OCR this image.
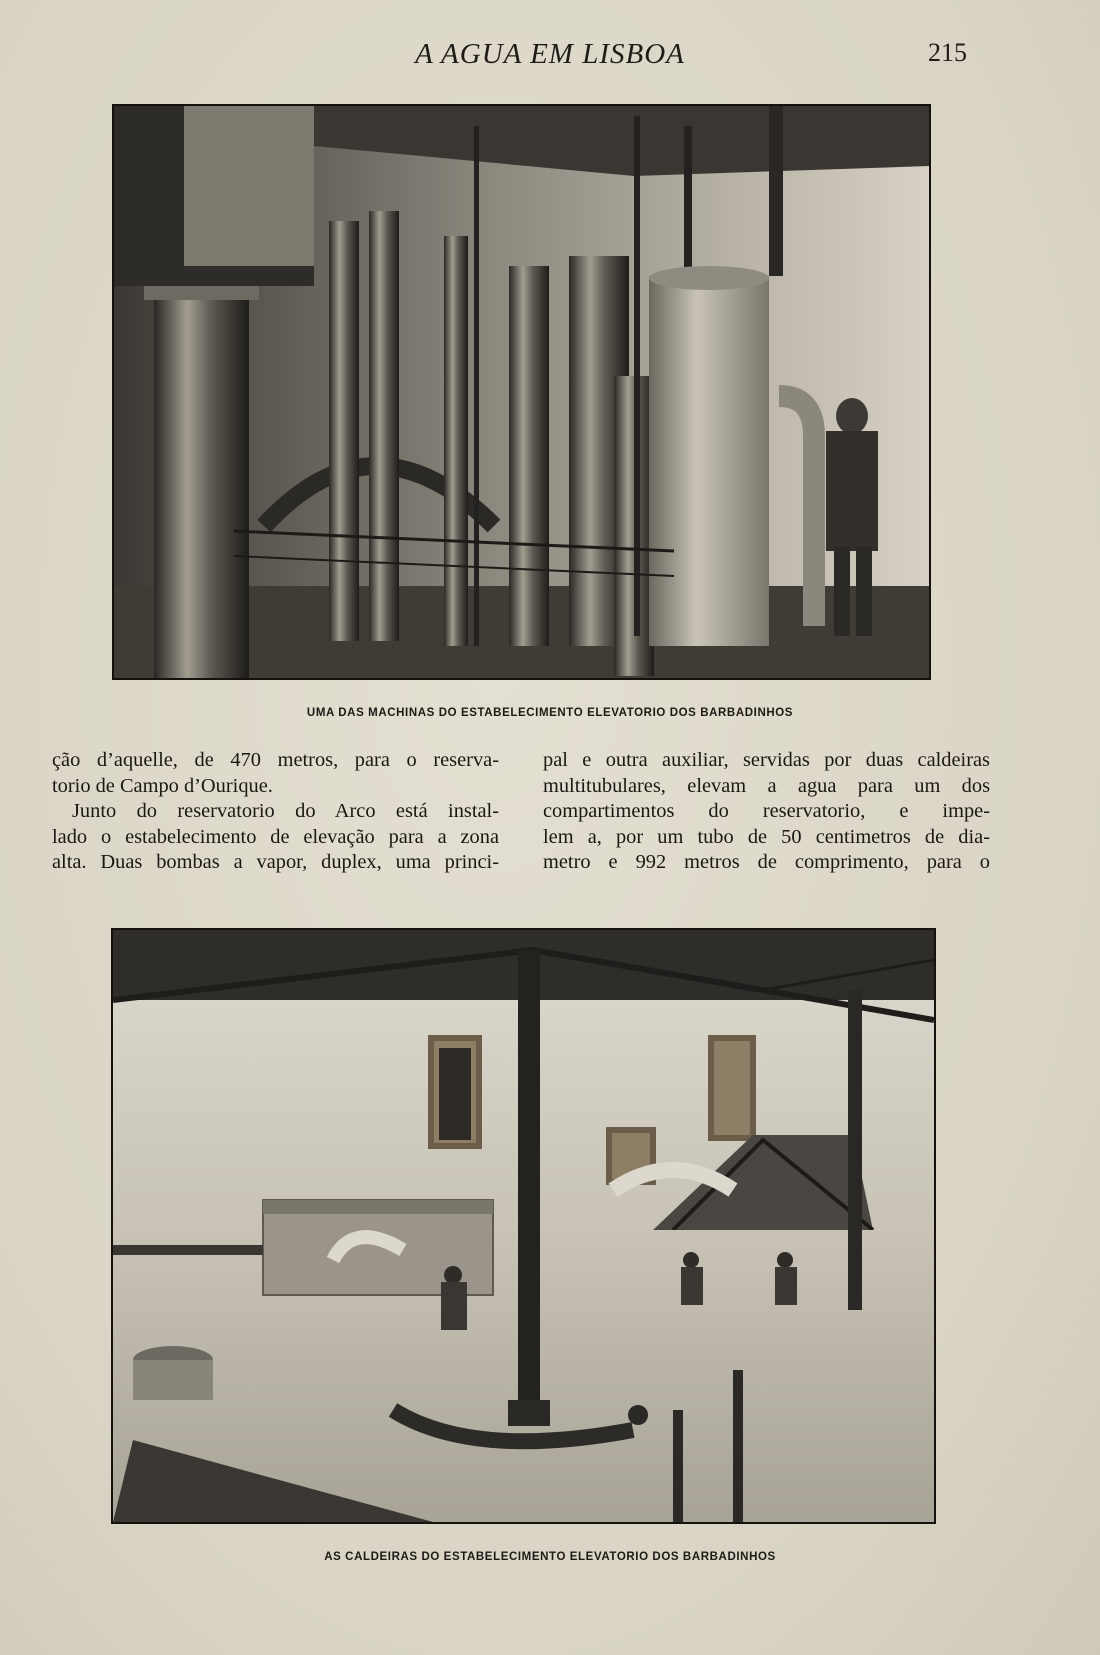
A AGUA EM LISBOA	215
UMA DAS MACHINAS DO ESTABELECIMENTO ELEVATORIO DOS BARBADINHOS

ção d’aquelle, de 470 metros, para o reserva-

torio de Campo d’Ourique.

Junto do reservatorio do Arco está instal-

lado o estabelecimento de elevação para a zona

alta. Duas bombas a vapor, duplex, uma princi-

pal e outra auxiliar, servidas por duas caldeiras

multitubulares, elevam a agua para um dos

compartimentos do reservatorio, e impe-

lem a, por um tubo de 50 centimetros de dia-

metro e 992 metros de comprimento, para o

AS CALDEIRAS DO ESTABELECIMENTO ELEVATORIO DOS BARBADINHOS
